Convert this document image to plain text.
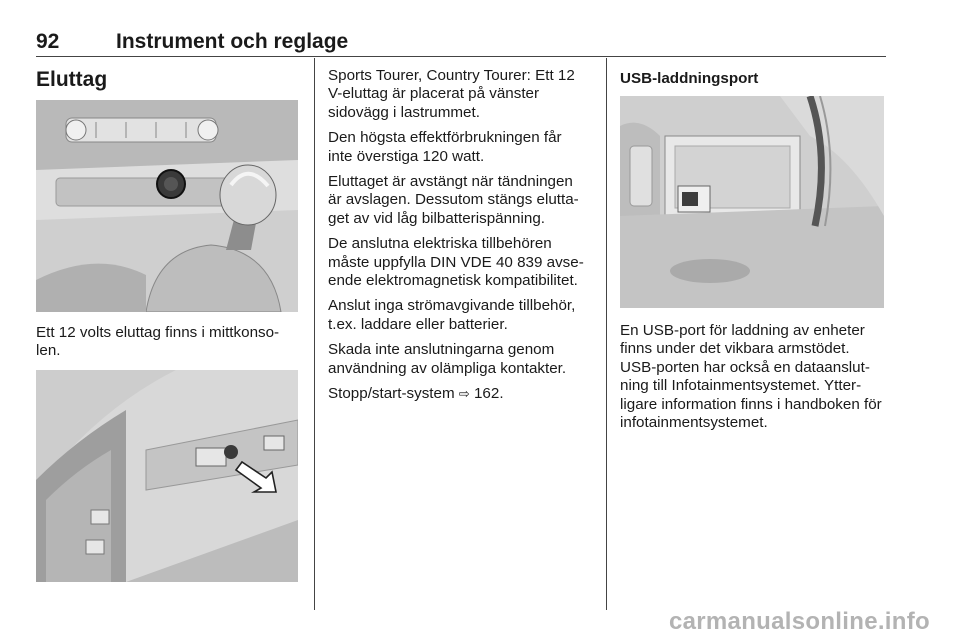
92	Instrument och reglage
Eluttag
Ett 12 volts eluttag finns i mittkonso-len.

Sports Tourer, Country Tourer: Ett 12 V-eluttag är placerat på vänster sidovägg i lastrummet.

Den högsta effektförbrukningen får inte överstiga 120 watt.

Eluttaget är avstängt när tändningen är avslagen. Dessutom stängs elutta-get av vid låg bilbatterispänning.

De anslutna elektriska tillbehören måste uppfylla DIN VDE 40 839 avse-ende elektromagnetisk kompatibilitet.

Anslut inga strömavgivande tillbehör, t.ex. laddare eller batterier.

Skada inte anslutningarna genom användning av olämpliga kontakter.

Stopp/start-system ⇨ 162.

USB-laddningsport
En USB-port för laddning av enheter finns under det vikbara armstödet. USB-porten har också en dataanslut-ning till Infotainmentsystemet. Ytter-ligare information finns i handboken för infotainmentsystemet.
carmanualsonline.info
